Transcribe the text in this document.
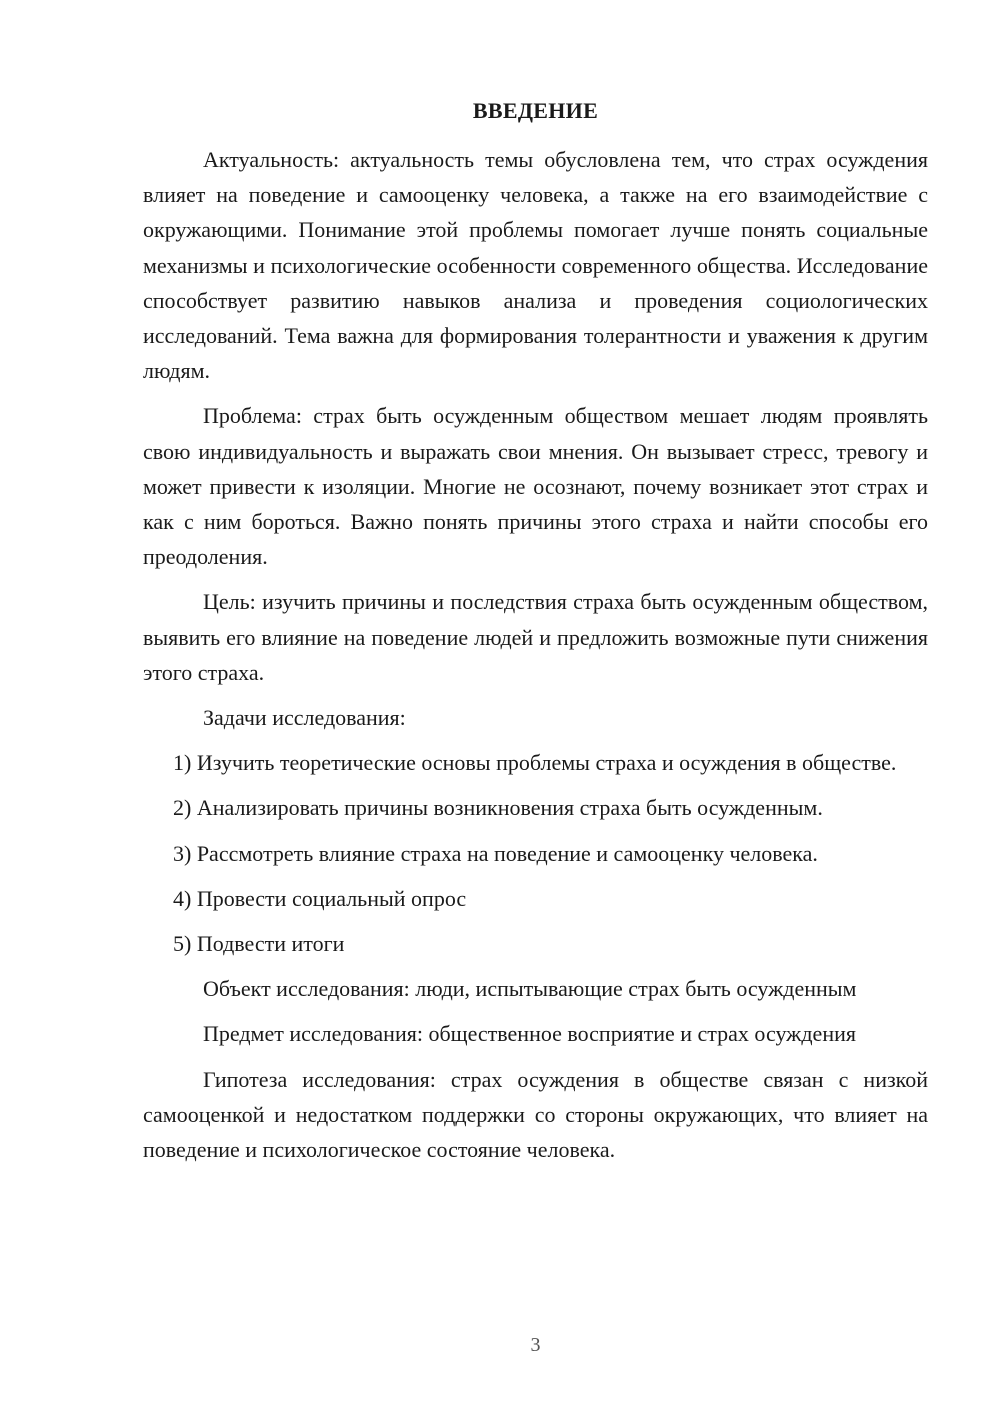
ВВЕДЕНИЕ

Актуальность: актуальность темы обусловлена тем, что страх осуждения влияет на поведение и самооценку человека, а также на его взаимодействие с окружающими. Понимание этой проблемы помогает лучше понять социальные механизмы и психологические особенности современного общества. Исследование способствует развитию навыков анализа и проведения социологических исследований. Тема важна для формирования толерантности и уважения к другим людям.

Проблема: страх быть осужденным обществом мешает людям проявлять свою индивидуальность и выражать свои мнения. Он вызывает стресс, тревогу и может привести к изоляции. Многие не осознают, почему возникает этот страх и как с ним бороться. Важно понять причины этого страха и найти способы его преодоления.

Цель: изучить причины и последствия страха быть осужденным обществом, выявить его влияние на поведение людей и предложить возможные пути снижения этого страха.

Задачи исследования:

1) Изучить теоретические основы проблемы страха и осуждения в обществе.

2) Анализировать причины возникновения страха быть осужденным.

3) Рассмотреть влияние страха на поведение и самооценку человека.

4) Провести социальный опрос

5) Подвести итоги

Объект исследования: люди, испытывающие страх быть осужденным

Предмет исследования: общественное восприятие и страх осуждения

Гипотеза исследования: страх осуждения в обществе связан с низкой самооценкой и недостатком поддержки со стороны окружающих, что влияет на поведение и психологическое состояние человека.

3
